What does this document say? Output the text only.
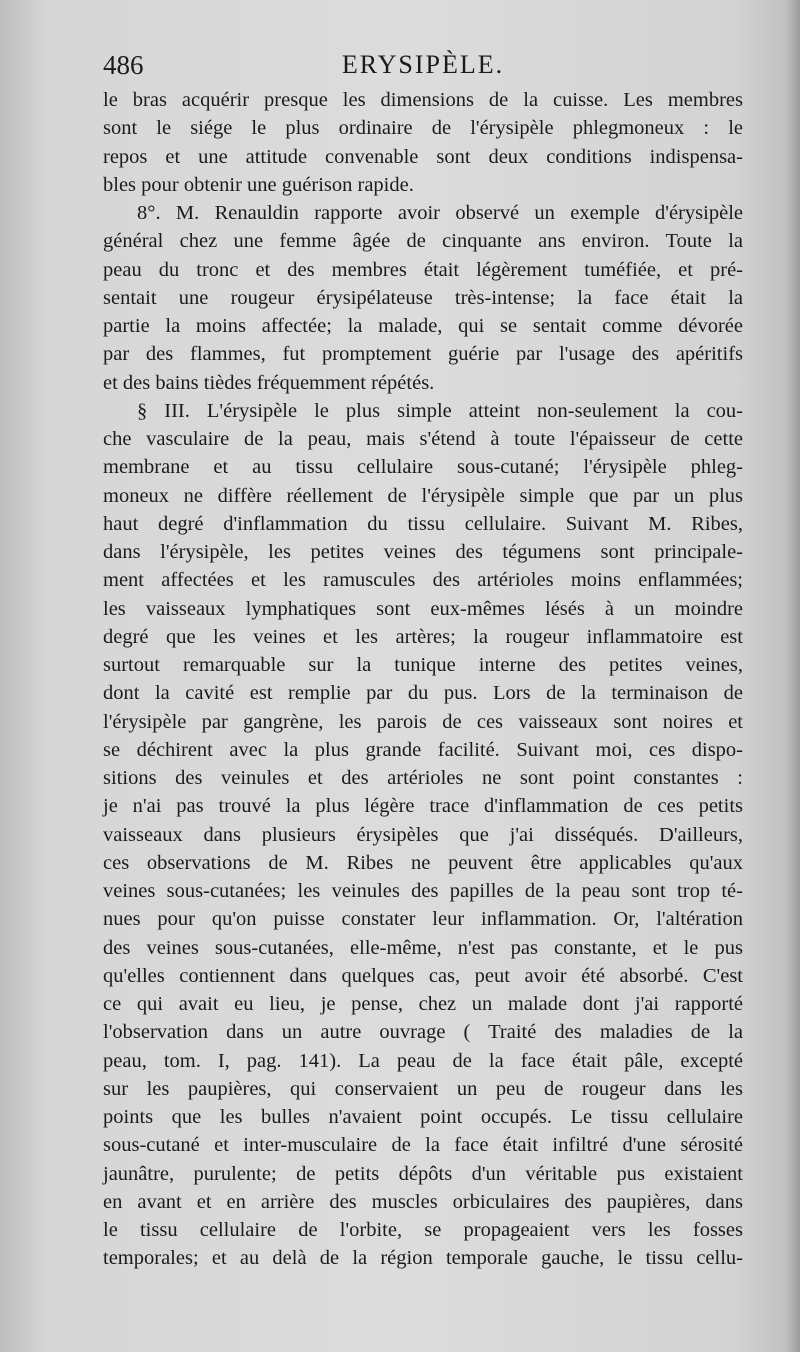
486	ERYSIPÈLE.
le bras acquérir presque les dimensions de la cuisse. Les membres
sont le siége le plus ordinaire de l'érysipèle phlegmoneux : le
repos et une attitude convenable sont deux conditions indispensa-
bles pour obtenir une guérison rapide.
8°. M. Renauldin rapporte avoir observé un exemple d'érysipèle
général chez une femme âgée de cinquante ans environ. Toute la
peau du tronc et des membres était légèrement tuméfiée, et pré-
sentait une rougeur érysipélateuse très-intense; la face était la
partie la moins affectée; la malade, qui se sentait comme dévorée
par des flammes, fut promptement guérie par l'usage des apéritifs
et des bains tièdes fréquemment répétés.
§ III. L'érysipèle le plus simple atteint non-seulement la cou-
che vasculaire de la peau, mais s'étend à toute l'épaisseur de cette
membrane et au tissu cellulaire sous-cutané; l'érysipèle phleg-
moneux ne diffère réellement de l'érysipèle simple que par un plus
haut degré d'inflammation du tissu cellulaire. Suivant M. Ribes,
dans l'érysipèle, les petites veines des tégumens sont principale-
ment affectées et les ramuscules des artérioles moins enflammées;
les vaisseaux lymphatiques sont eux-mêmes lésés à un moindre
degré que les veines et les artères; la rougeur inflammatoire est
surtout remarquable sur la tunique interne des petites veines,
dont la cavité est remplie par du pus. Lors de la terminaison de
l'érysipèle par gangrène, les parois de ces vaisseaux sont noires et
se déchirent avec la plus grande facilité. Suivant moi, ces dispo-
sitions des veinules et des artérioles ne sont point constantes :
je n'ai pas trouvé la plus légère trace d'inflammation de ces petits
vaisseaux dans plusieurs érysipèles que j'ai disséqués. D'ailleurs,
ces observations de M. Ribes ne peuvent être applicables qu'aux
veines sous-cutanées; les veinules des papilles de la peau sont trop té-
nues pour qu'on puisse constater leur inflammation. Or, l'altération
des veines sous-cutanées, elle-même, n'est pas constante, et le pus
qu'elles contiennent dans quelques cas, peut avoir été absorbé. C'est
ce qui avait eu lieu, je pense, chez un malade dont j'ai rapporté
l'observation dans un autre ouvrage ( Traité des maladies de la
peau, tom. I, pag. 141). La peau de la face était pâle, excepté
sur les paupières, qui conservaient un peu de rougeur dans les
points que les bulles n'avaient point occupés. Le tissu cellulaire
sous-cutané et inter-musculaire de la face était infiltré d'une sérosité
jaunâtre, purulente; de petits dépôts d'un véritable pus existaient
en avant et en arrière des muscles orbiculaires des paupières, dans
le tissu cellulaire de l'orbite, se propageaient vers les fosses
temporales; et au delà de la région temporale gauche, le tissu cellu-
